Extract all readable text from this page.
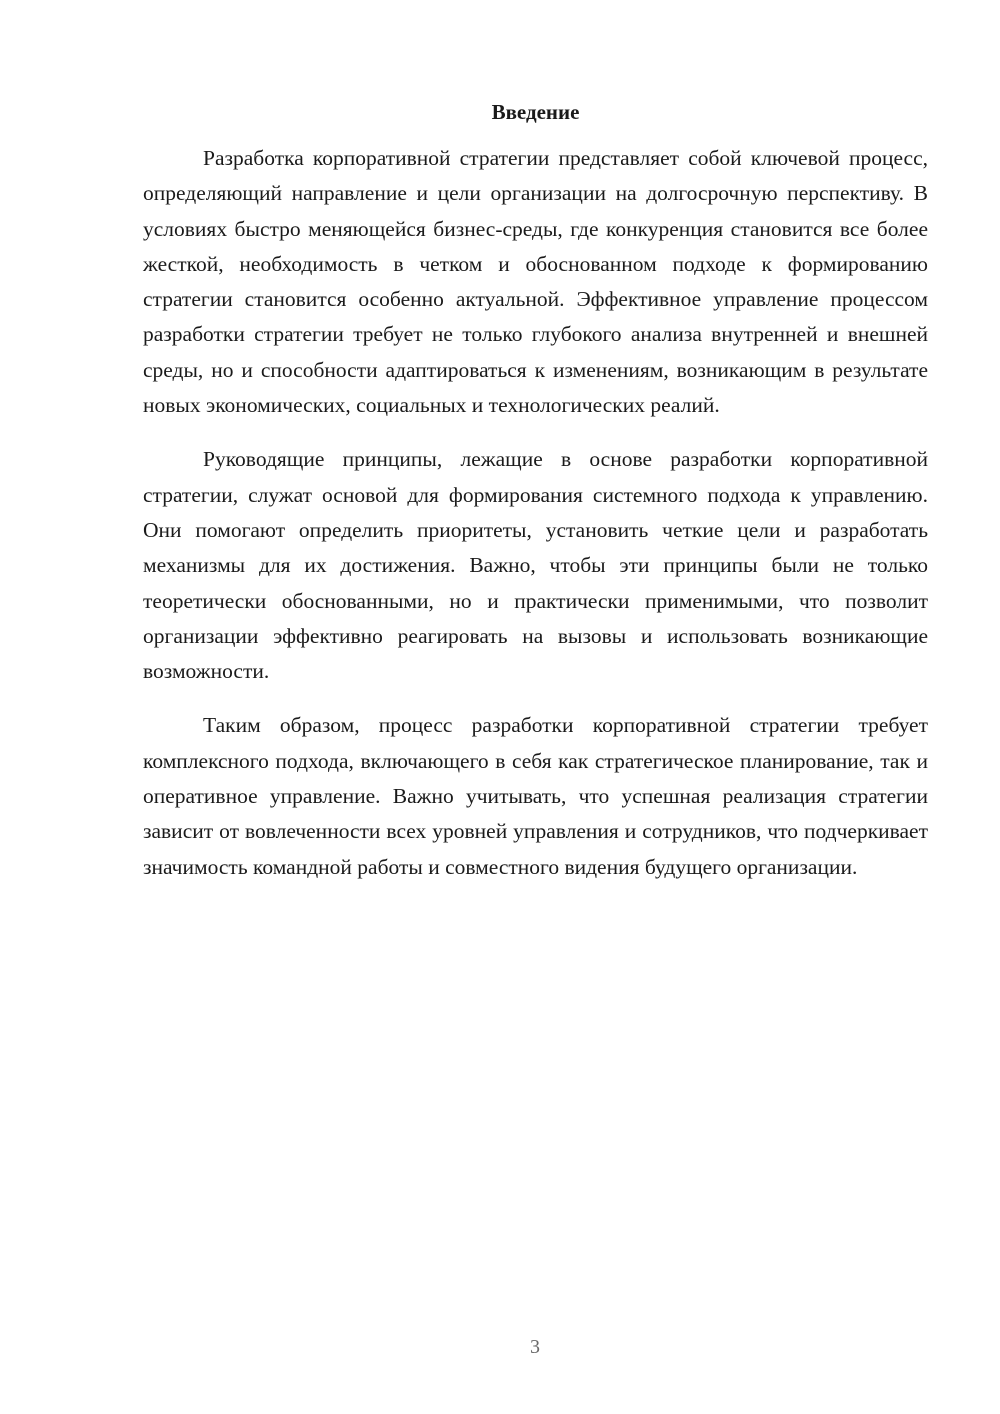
Введение

Разработка корпоративной стратегии представляет собой ключевой процесс, определяющий направление и цели организации на долгосрочную перспективу. В условиях быстро меняющейся бизнес-среды, где конкуренция становится все более жесткой, необходимость в четком и обоснованном подходе к формированию стратегии становится особенно актуальной. Эффективное управление процессом разработки стратегии требует не только глубокого анализа внутренней и внешней среды, но и способности адаптироваться к изменениям, возникающим в результате новых экономических, социальных и технологических реалий.

Руководящие принципы, лежащие в основе разработки корпоративной стратегии, служат основой для формирования системного подхода к управлению. Они помогают определить приоритеты, установить четкие цели и разработать механизмы для их достижения. Важно, чтобы эти принципы были не только теоретически обоснованными, но и практически применимыми, что позволит организации эффективно реагировать на вызовы и использовать возникающие возможности.

Таким образом, процесс разработки корпоративной стратегии требует комплексного подхода, включающего в себя как стратегическое планирование, так и оперативное управление. Важно учитывать, что успешная реализация стратегии зависит от вовлеченности всех уровней управления и сотрудников, что подчеркивает значимость командной работы и совместного видения будущего организации.

3
